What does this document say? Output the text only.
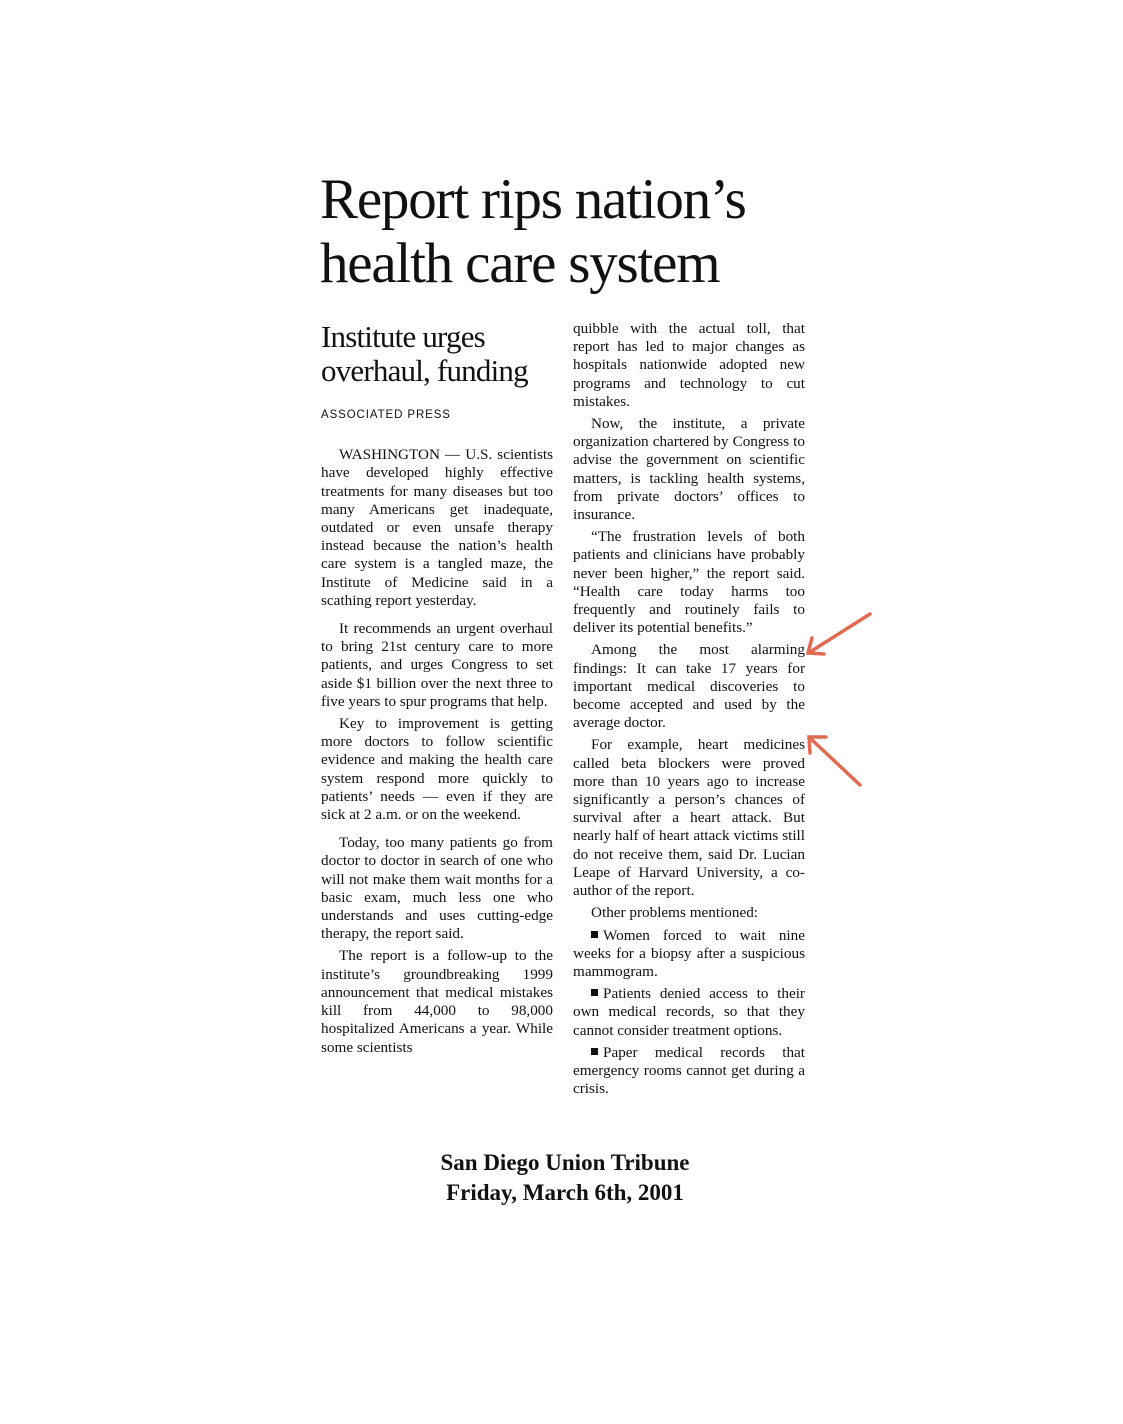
Report rips nation’s
health care system
Institute urges
overhaul, funding
ASSOCIATED PRESS

WASHINGTON — U.S. scientists have developed highly effective treatments for many diseases but too many Americans get inadequate, outdated or even unsafe therapy instead because the nation’s health care system is a tangled maze, the Institute of Medicine said in a scathing report yesterday.

It recommends an urgent overhaul to bring 21st century care to more patients, and urges Congress to set aside $1 billion over the next three to five years to spur programs that help.

Key to improvement is getting more doctors to follow scientific evidence and making the health care system respond more quickly to patients’ needs — even if they are sick at 2 a.m. or on the weekend.

Today, too many patients go from doctor to doctor in search of one who will not make them wait months for a basic exam, much less one who understands and uses cutting-edge therapy, the report said.

The report is a follow-up to the institute’s groundbreaking 1999 announcement that medical mistakes kill from 44,000 to 98,000 hospitalized Americans a year. While some scientists

quibble with the actual toll, that report has led to major changes as hospitals nationwide adopted new programs and technology to cut mistakes.

Now, the institute, a private organization chartered by Congress to advise the government on scientific matters, is tackling health systems, from private doctors’ offices to insurance.

“The frustration levels of both patients and clinicians have probably never been higher,” the report said. “Health care today harms too frequently and routinely fails to deliver its potential benefits.”

Among the most alarming findings: It can take 17 years for important medical discoveries to become accepted and used by the average doctor.

For example, heart medicines called beta blockers were proved more than 10 years ago to increase significantly a person’s chances of survival after a heart attack. But nearly half of heart attack victims still do not receive them, said Dr. Lucian Leape of Harvard University, a co-author of the report.

Other problems mentioned:

Women forced to wait nine weeks for a biopsy after a suspicious mammogram.

Patients denied access to their own medical records, so that they cannot consider treatment options.

Paper medical records that emergency rooms cannot get during a crisis.

San Diego Union Tribune
Friday, March 6th, 2001
